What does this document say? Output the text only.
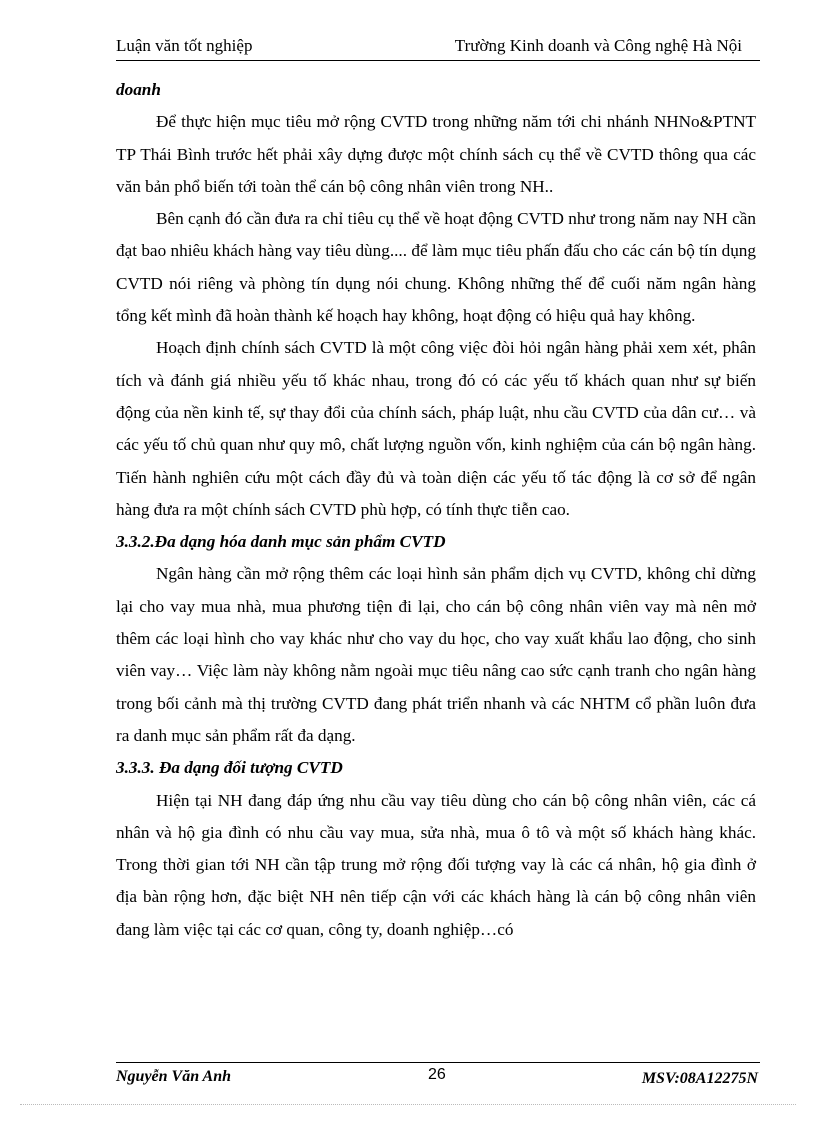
Luận văn tốt nghiệp	Trường Kinh doanh và Công nghệ Hà Nội
doanh

Để thực hiện mục tiêu mở rộng CVTD trong những năm tới chi nhánh NHNo&PTNT TP Thái Bình trước hết phải xây dựng được một chính sách cụ thể về CVTD thông qua các văn bản phổ biến tới toàn thể cán bộ công nhân viên trong NH..

Bên cạnh đó cần đưa ra chỉ tiêu cụ thể về hoạt động CVTD như trong năm nay NH cần đạt bao nhiêu khách hàng vay tiêu dùng.... để làm mục tiêu phấn đấu cho các cán bộ tín dụng CVTD nói riêng và phòng tín dụng nói chung. Không những thế để cuối năm ngân hàng tổng kết mình đã hoàn thành kế hoạch hay không, hoạt động có hiệu quả hay không.

Hoạch định chính sách CVTD là một công việc đòi hỏi ngân hàng phải xem xét, phân tích và đánh giá nhiều yếu tố khác nhau, trong đó có các yếu tố khách quan như sự biến động của nền kinh tế, sự thay đổi của chính sách, pháp luật, nhu cầu CVTD của dân cư… và các yếu tố chủ quan như quy mô, chất lượng nguồn vốn, kinh nghiệm của cán bộ ngân hàng. Tiến hành nghiên cứu một cách đầy đủ và toàn diện các yếu tố tác động là cơ sở để ngân hàng đưa ra một chính sách CVTD phù hợp, có tính thực tiễn cao.

3.3.2.Đa dạng hóa danh mục sản phẩm CVTD

Ngân hàng cần mở rộng thêm các loại hình sản phẩm dịch vụ CVTD, không chỉ dừng lại cho vay mua nhà, mua phương tiện đi lại, cho cán bộ công nhân viên vay mà nên mở thêm các loại hình cho vay khác như cho vay du học, cho vay xuất khẩu lao động, cho sinh viên vay… Việc làm này không nằm ngoài mục tiêu nâng cao sức cạnh tranh cho ngân hàng trong bối cảnh mà thị trường CVTD đang phát triển nhanh và các NHTM cổ phần luôn đưa ra danh mục sản phẩm rất đa dạng.

3.3.3. Đa dạng đối tượng CVTD

Hiện tại NH đang đáp ứng nhu cầu vay tiêu dùng cho cán bộ công nhân viên, các cá nhân và hộ gia đình có nhu cầu vay mua, sửa nhà, mua ô tô và một số khách hàng khác. Trong thời gian tới NH cần tập trung mở rộng đối tượng vay là các cá nhân, hộ gia đình ở địa bàn rộng hơn, đặc biệt NH nên tiếp cận với các khách hàng là cán bộ công nhân viên đang làm việc tại các cơ quan, công ty, doanh nghiệp…có

Nguyễn Văn Anh	26	MSV:08A12275N
